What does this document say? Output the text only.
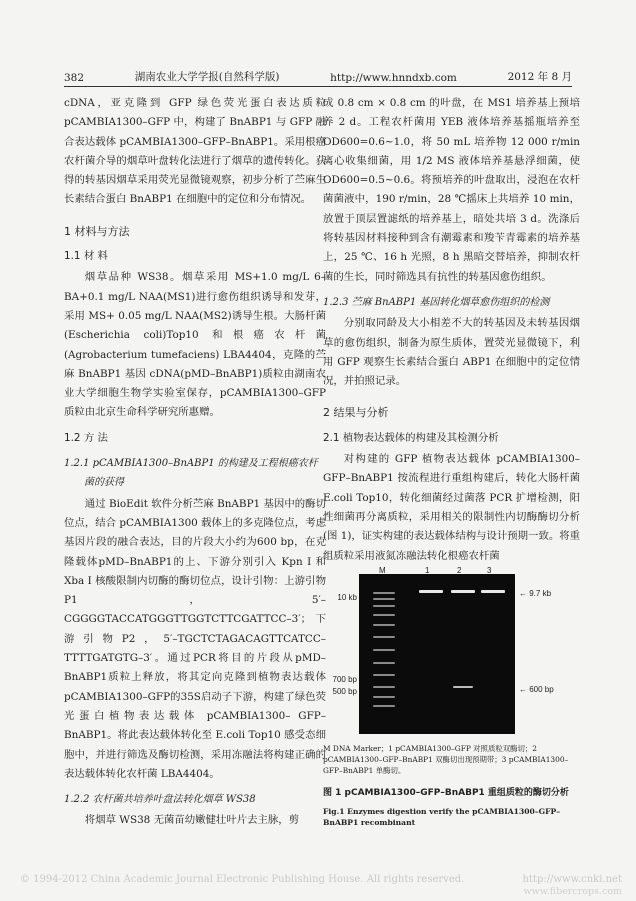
382	湖南农业大学学报(自然科学版)	http://www.hnndxb.com	2012 年 8 月

cDNA，亚克隆到 GFP 绿色荧光蛋白表达质粒 pCAMBIA1300–GFP 中，构建了 BnABP1 与 GFP 融合表达载体 pCAMBIA1300–GFP–BnABP1。采用根癌农杆菌介导的烟草叶盘转化法进行了烟草的遗传转化。获得的转基因烟草采用荧光显微镜观察，初步分析了苎麻生长素结合蛋白 BnABP1 在细胞中的定位和分布情况。

1 材料与方法
1.1 材 料

烟草品种 WS38。烟草采用 MS+1.0 mg/L 6–BA+0.1 mg/L NAA(MS1)进行愈伤组织诱导和发芽，采用 MS+ 0.05 mg/L NAA(MS2)诱导生根。大肠杆菌 (Escherichia coli)Top10 和根癌农杆菌 (Agrobacterium tumefaciens) LBA4404，克隆的苎麻 BnABP1 基因 cDNA(pMD–BnABP1)质粒由湖南农业大学细胞生物学实验室保存，pCAMBIA1300–GFP 质粒由北京生命科学研究所惠赠。

1.2 方 法
1.2.1 pCAMBIA1300–BnABP1 的构建及工程根癌农杆菌的获得

通过 BioEdit 软件分析苎麻 BnABP1 基因中的酶切位点，结合 pCAMBIA1300 载体上的多克隆位点，考虑基因片段的融合表达，目的片段大小约为600 bp，在克隆载体pMD–BnABP1的上、下游分别引入 Kpn I 和 Xba I 核酸限制内切酶的酶切位点，设计引物：上游引物 P1，5′–CGGGGTACCATGGGTTGGTCTTCGATTCC–3′；下游引物P2，5′–TGCTCTAGACAGTTCATCC–TTTTGATGTG–3′。通过PCR将目的片段从pMD–BnABP1质粒上释放，将其定向克隆到植物表达载体pCAMBIA1300–GFP的35S启动子下游，构建了绿色荧光蛋白植物表达载体 pCAMBIA1300– GFP–BnABP1。将此表达载体转化至 E.coli Top10 感受态细胞中，并进行筛选及酶切检测，采用冻融法将构建正确的表达载体转化农杆菌 LBA4404。

1.2.2 农杆菌共培养叶盘法转化烟草 WS38

将烟草 WS38 无菌苗幼嫩健壮叶片去主脉，剪

成 0.8 cm × 0.8 cm 的叶盘，在 MS1 培养基上预培养 2 d。工程农杆菌用 YEB 液体培养基摇瓶培养至 OD600=0.6~1.0，将 50 mL 培养物 12 000 r/min 离心收集细菌，用 1/2 MS 液体培养基悬浮细菌，使 OD600=0.5~0.6。将预培养的叶盘取出，浸泡在农杆菌菌液中，190 r/min，28 ℃摇床上共培养 10 min，放置于顶层置滤纸的培养基上，暗处共培 3 d。洗涤后将转基因材料接种到含有潮霉素和羧苄青霉素的培养基上，25 ℃、16 h 光照，8 h 黑暗交替培养，抑制农杆菌的生长，同时筛选具有抗性的转基因愈伤组织。

1.2.3 苎麻 BnABP1 基因转化烟草愈伤组织的检测

分别取同龄及大小相差不大的转基因及未转基因烟草的愈伤组织，制备为原生质体，置荧光显微镜下，利用 GFP 观察生长素结合蛋白 ABP1 在细胞中的定位情况，并拍照记录。

2 结果与分析
2.1 植物表达载体的构建及其检测分析

对构建的 GFP 植物表达载体 pCAMBIA1300–GFP–BnABP1 按流程进行重组构建后，转化大肠杆菌 E.coli Top10，转化细菌经过菌落 PCR 扩增检测，阳性细菌再分离质粒，采用相关的限制性内切酶酶切分析(图 1)，证实构建的表达载体结构与设计预期一致。将重组质粒采用液氮冻融法转化根癌农杆菌

M	1	2	3
10 kb
700 bp
500 bp
← 9.7 kb
← 600 bp
M DNA Marker；1 pCAMBIA1300–GFP 对照质粒双酶切；2 pCAMBIA1300–GFP–BnABP1 双酶切出现预期带；3 pCAMBIA1300–GFP–BnABP1 单酶切。
图 1 pCAMBIA1300–GFP–BnABP1 重组质粒的酶切分析
Fig.1 Enzymes digestion verify the pCAMBIA1300–GFP–BnABP1 recombinant
© 1994-2012 China Academic Journal Electronic Publishing House. All rights reserved.	http://www.cnki.net
www.fibercrops.com
